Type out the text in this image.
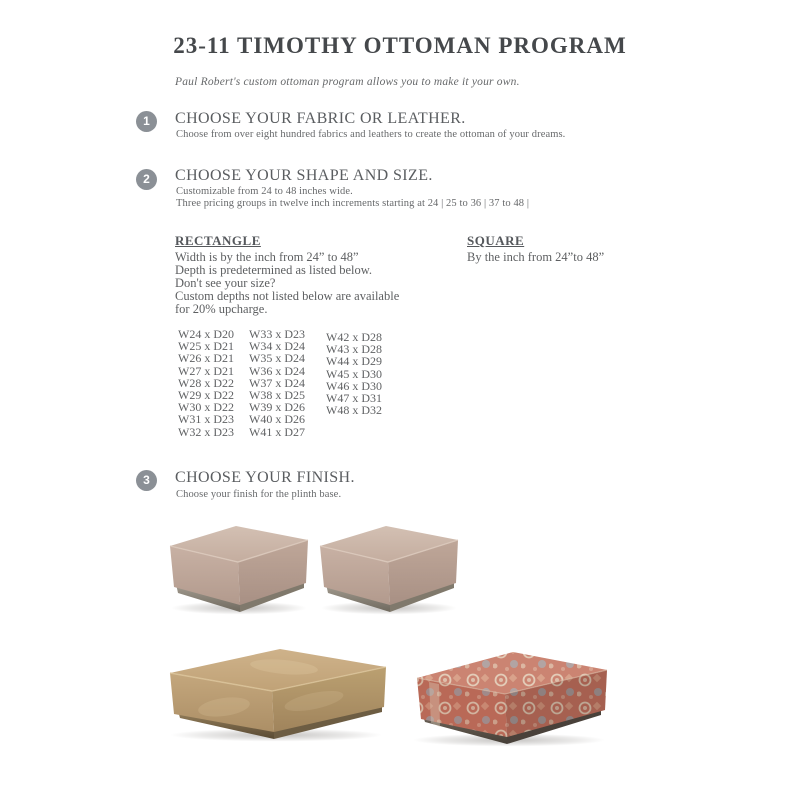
23-11 TIMOTHY OTTOMAN PROGRAM
Paul Robert's custom ottoman program allows you to make it your own.
1	CHOOSE YOUR FABRIC OR LEATHER.
Choose from over eight hundred fabrics and leathers to create the ottoman of your dreams.
2	CHOOSE YOUR SHAPE AND SIZE.
Customizable from 24 to 48 inches wide.
Three pricing groups in twelve inch increments starting at 24 | 25 to 36 | 37 to 48 |
RECTANGLE
Width is by the inch from 24” to 48”
Depth is predetermined as listed below.
Don't see your size?
Custom depths not listed below are available
for 20% upcharge.
SQUARE
By the inch from 24”to 48”
W24 x D20
W25 x D21
W26 x D21
W27 x D21
W28 x D22
W29 x D22
W30 x D22
W31 x D23
W32 x D23
W33 x D23
W34 x D24
W35 x D24
W36 x D24
W37 x D24
W38 x D25
W39 x D26
W40 x D26
W41 x D27
W42 x D28
W43 x D28
W44 x D29
W45 x D30
W46 x D30
W47 x D31
W48 x D32
3	CHOOSE YOUR FINISH.
Choose your finish for the plinth base.
